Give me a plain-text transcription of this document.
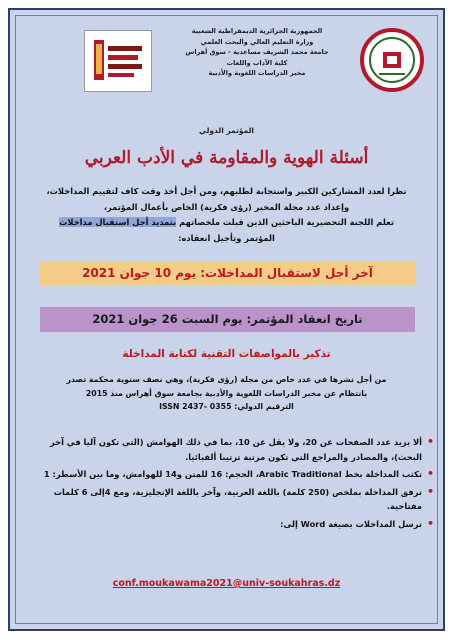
الجمهورية الجزائرية الديمقراطية الشعبية
وزارة التعليم العالي والبحث العلمي
جامعة محمد الشريف مساعدية - سوق أهراس
كلية الآداب واللغات
مخبر الدراسات اللغوية والأدبية
المؤتمر الدولي
أسئلة الهوية والمقاومة في الأدب العربي
نظرا لعدد المشاركين الكبير واستجابة لطلبهم، ومن أجل أخذ وقت كاف لتقييم المداخلات،
وإعداد عدد مجلة المخبر (رؤى فكرية) الخاص بأعمال المؤتمر،
تعلم اللجنة التحضيرية الباحثين الذين قبلت ملخصاتهم بتمديد أجل استقبال مداخلات
المؤتمر وتأجيل انعقاده:
آخر أجل لاستقبال المداخلات: يوم 10 جوان 2021
تاريخ انعقاد المؤتمر: يوم السبت 26 جوان 2021
تذكير بالمواصفات التقنية لكتابة المداخلة
من أجل نشرها في عدد خاص من مجلة (رؤى فكرية)، وهي نصف سنوية محكمة تصدر
بانتظام عن مخبر الدراسات اللغوية والأدبية بجامعة سوق أهراس منذ 2015
الترقيم الدولي: ISSN 2437- 0355
• ألا يزيد عدد الصفحات عن 20، ولا يقل عن 10، بما في ذلك الهوامش (التي تكون آليا في آخر البحث)، والمصادر والمراجع التي تكون مرتبة ترتيبا ألفبائيا.
• تكتب المداخلة بخط Arabic Traditional، الحجم: 16 للمتن و14 للهوامش، وما بين الأسطر: 1
• ترفق المداخلة بملخص (250 كلمة) باللغة العربية، وآخر باللغة الإنجليزية، ومع 4إلى 6 كلمات مفتاحية.
• ترسل المداخلات بصيغة Word إلى:
conf.moukawama2021@univ-soukahras.dz
